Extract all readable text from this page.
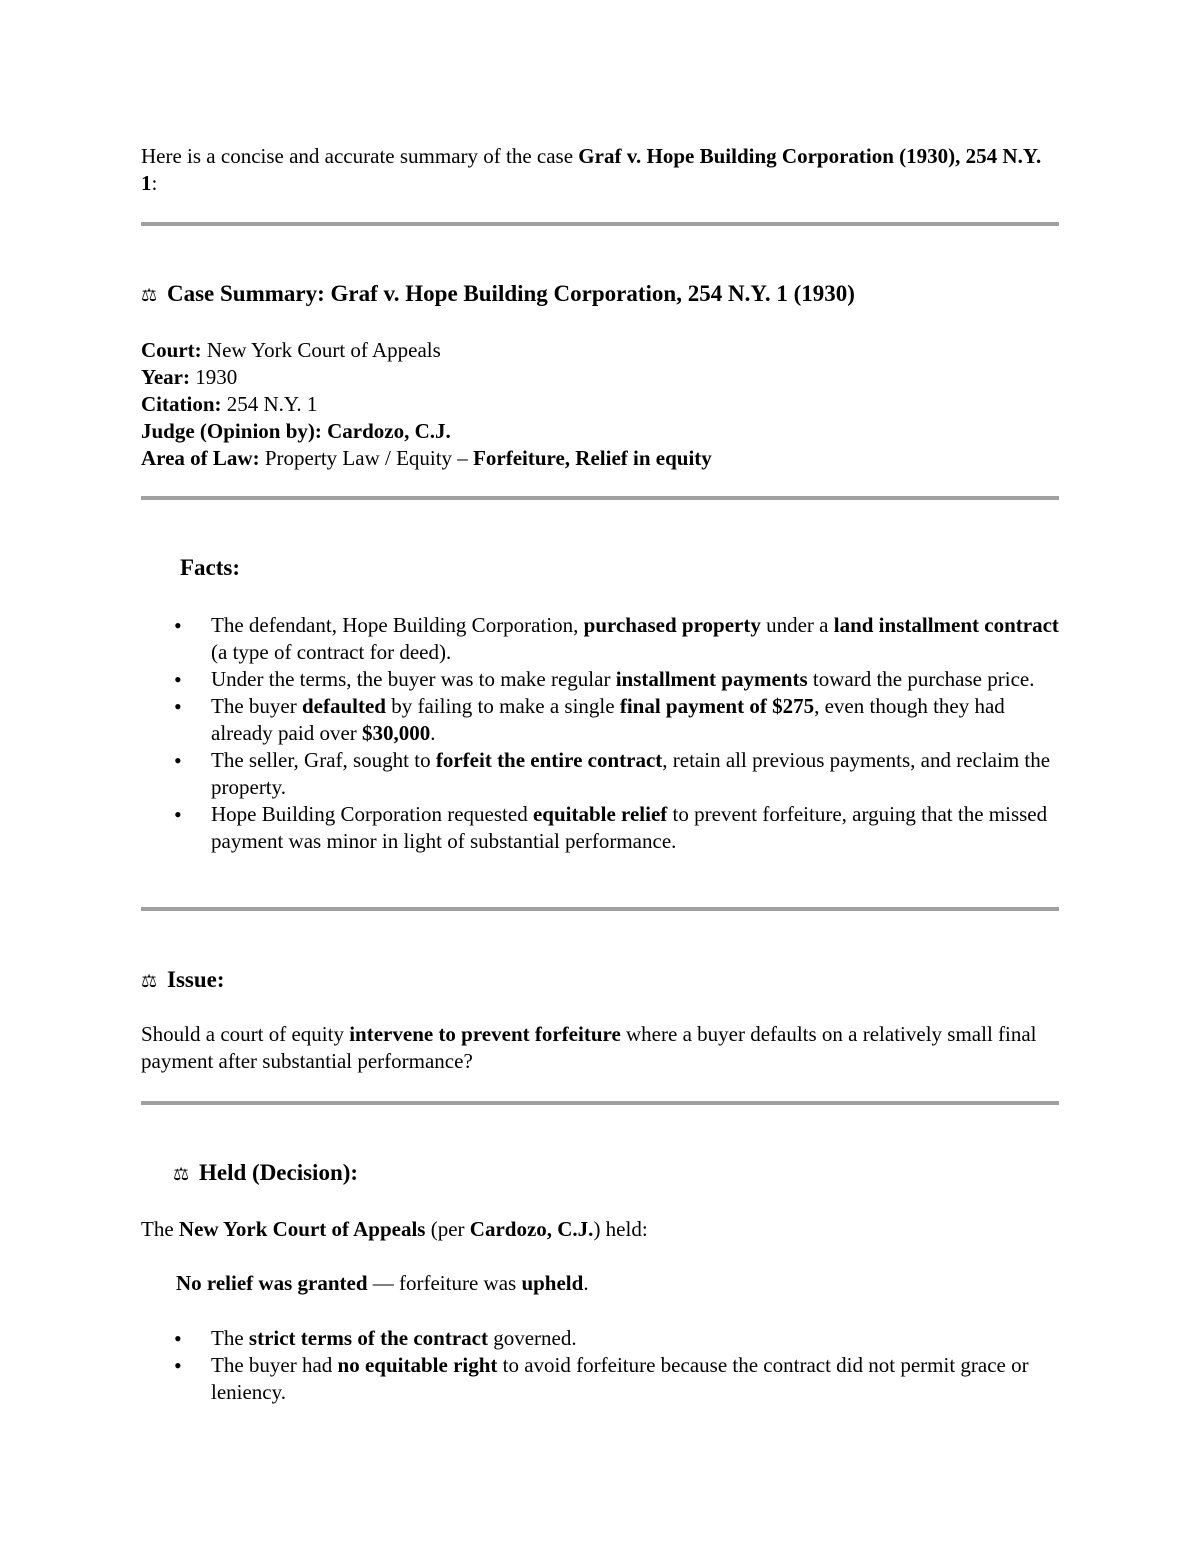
Here is a concise and accurate summary of the case Graf v. Hope Building Corporation (1930), 254 N.Y. 1:

⚖ Case Summary: Graf v. Hope Building Corporation, 254 N.Y. 1 (1930)

Court: New York Court of Appeals

Year: 1930

Citation: 254 N.Y. 1

Judge (Opinion by): Cardozo, C.J.

Area of Law: Property Law / Equity – Forfeiture, Relief in equity

Facts:
• The defendant, Hope Building Corporation, purchased property under a land installment contract (a type of contract for deed).
• Under the terms, the buyer was to make regular installment payments toward the purchase price.
• The buyer defaulted by failing to make a single final payment of $275, even though they had already paid over $30,000.
• The seller, Graf, sought to forfeit the entire contract, retain all previous payments, and reclaim the property.
• Hope Building Corporation requested equitable relief to prevent forfeiture, arguing that the missed payment was minor in light of substantial performance.
⚖ Issue:

Should a court of equity intervene to prevent forfeiture where a buyer defaults on a relatively small final payment after substantial performance?

⚖ Held (Decision):

The New York Court of Appeals (per Cardozo, C.J.) held:

No relief was granted — forfeiture was upheld.

• The strict terms of the contract governed.
• The buyer had no equitable right to avoid forfeiture because the contract did not permit grace or leniency.
